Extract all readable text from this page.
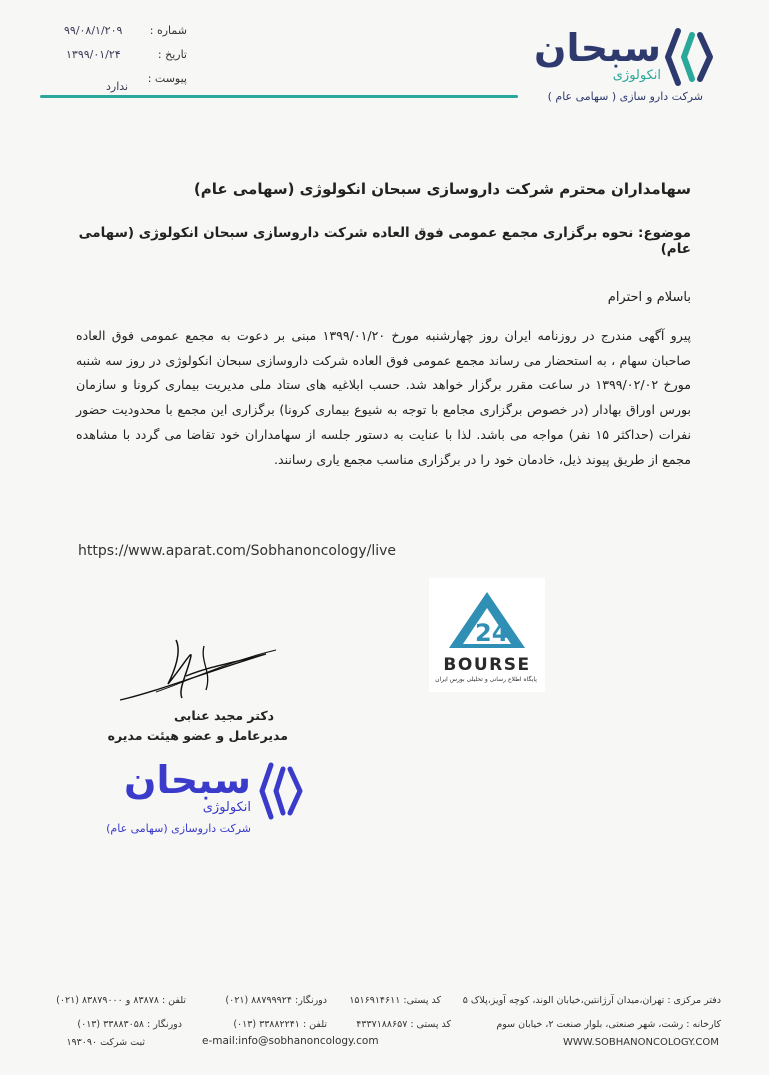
شماره :
۹۹/۰۸/۱/۲۰۹
تاریخ :
۱۳۹۹/۰۱/۲۴
پیوست :
ندارد
سبحان
انکولوژی
شرکت دارو سازی ( سهامی عام )
سهامداران محترم شرکت داروسازی سبحان انکولوژی (سهامی عام)
موضوع: نحوه برگزاری مجمع عمومی فوق العاده شرکت داروسازی سبحان انکولوژی (سهامی عام)
باسلام و احترام
پیرو آگهی مندرج در روزنامه ایران روز چهارشنبه مورخ ۱۳۹۹/۰۱/۲۰ مبنی بر دعوت به مجمع عمومی فوق العاده صاحبان سهام ، به استحضار می رساند مجمع عمومی فوق العاده شرکت داروسازی سبحان انکولوژی در روز سه شنبه مورخ ۱۳۹۹/۰۲/۰۲ در ساعت مقرر برگزار خواهد شد. حسب ابلاغیه های ستاد ملی مدیریت بیماری کرونا و سازمان بورس اوراق بهادار (در خصوص برگزاری مجامع با توجه به شیوع بیماری کرونا) برگزاری این مجمع با محدودیت حضور نفرات (حداکثر ۱۵ نفر) مواجه می باشد. لذا با عنایت به دستور جلسه از سهامداران خود تقاضا می گردد با مشاهده مجمع از طریق پیوند ذیل، خادمان خود را در برگزاری مناسب مجمع یاری رسانند.
https://www.aparat.com/Sobhanoncology/live
24
BOURSE
پایگاه اطلاع رسانی و تحلیلی بورس ایران
دکتر مجید عنابی
مدیرعامل و عضو هیئت مدیره
سبحان
انکولوژی
شرکت داروسازی (سهامی عام)
دفتر مرکزی : تهران،میدان آرژانتین،خیابان الوند، کوچه آویز،پلاک ۵
کد پستی: ۱۵۱۶۹۱۴۶۱۱
دورنگار: ۸۸۷۹۹۹۲۴ (۰۲۱)
تلفن : ۸۳۸۷۸ و ۸۳۸۷۹۰۰۰ (۰۲۱)
کارخانه : رشت، شهر صنعتی، بلوار صنعت ۲، خیابان سوم
کد پستی : ۴۳۳۷۱۸۸۶۵۷
تلفن : ۳۳۸۸۲۲۴۱ (۰۱۳)
دورنگار : ۳۳۸۸۳۰۵۸ (۰۱۳)
WWW.SOBHANONCOLOGY.COM
e-mail:info@sobhanoncology.com
ثبت شرکت ۱۹۳۰۹۰
